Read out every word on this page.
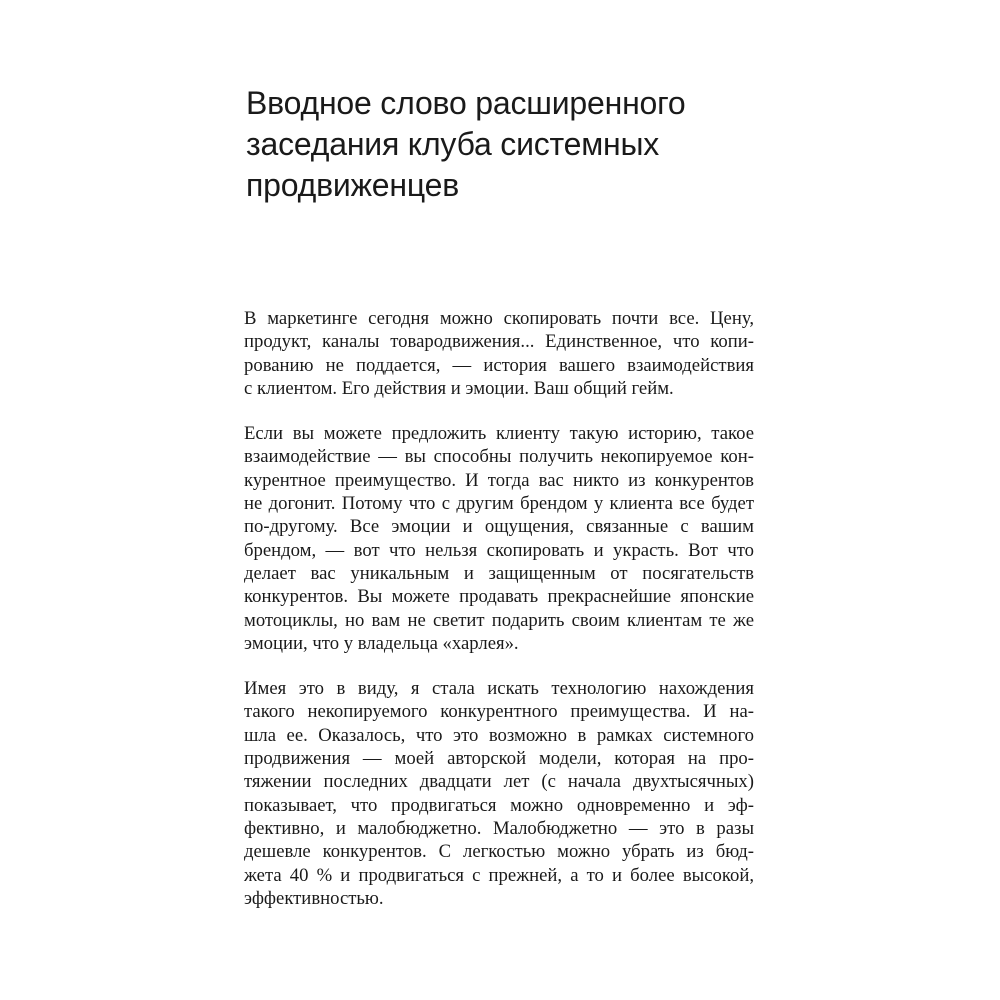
Вводное слово расширенного
заседания клуба системных
продвиженцев

В маркетинге сегодня можно скопировать почти все. Цену,
продукт, каналы товародвижения... Единственное, что копи-
рованию не поддается, — история вашего взаимодействия
с клиентом. Его действия и эмоции. Ваш общий гейм.

Если вы можете предложить клиенту такую историю, такое
взаимодействие — вы способны получить некопируемое кон-
курентное преимущество. И тогда вас никто из конкурентов
не догонит. Потому что с другим брендом у клиента все будет
по-другому. Все эмоции и ощущения, связанные с вашим
брендом, — вот что нельзя скопировать и украсть. Вот что
делает вас уникальным и защищенным от посягательств
конкурентов. Вы можете продавать прекраснейшие японские
мотоциклы, но вам не светит подарить своим клиентам те же
эмоции, что у владельца «харлея».

Имея это в виду, я стала искать технологию нахождения
такого некопируемого конкурентного преимущества. И на-
шла ее. Оказалось, что это возможно в рамках системного
продвижения — моей авторской модели, которая на про-
тяжении последних двадцати лет (с начала двухтысячных)
показывает, что продвигаться можно одновременно и эф-
фективно, и малобюджетно. Малобюджетно — это в разы
дешевле конкурентов. С легкостью можно убрать из бюд-
жета 40 % и продвигаться с прежней, а то и более высокой,
эффективностью.
